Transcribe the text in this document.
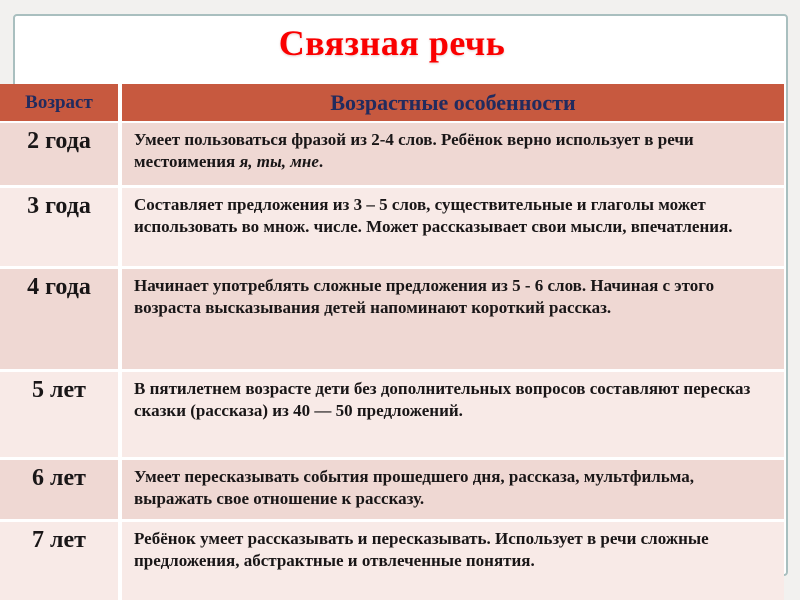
Связная речь
Возраст	Возрастные особенности
2 года	Умеет пользоваться фразой из 2-4 слов. Ребёнок верно использует в речи местоимения я, ты, мне.
3 года	Составляет предложения из 3 – 5 слов, существительные и глаголы может использовать во множ. числе. Может рассказывает свои мысли, впечатления.
4 года	Начинает употреблять сложные предложения из 5 - 6 слов. Начиная с этого возраста высказывания детей напоминают короткий рассказ.
5 лет	В пятилетнем возрасте дети без дополнительных вопросов составляют пересказ сказки (рассказа) из 40 — 50 предложений.
6 лет	Умеет пересказывать события прошедшего дня, рассказа, мультфильма, выражать свое отношение к рассказу.
7 лет	Ребёнок умеет рассказывать и пересказывать. Использует в речи сложные предложения, абстрактные и отвлеченные понятия.
